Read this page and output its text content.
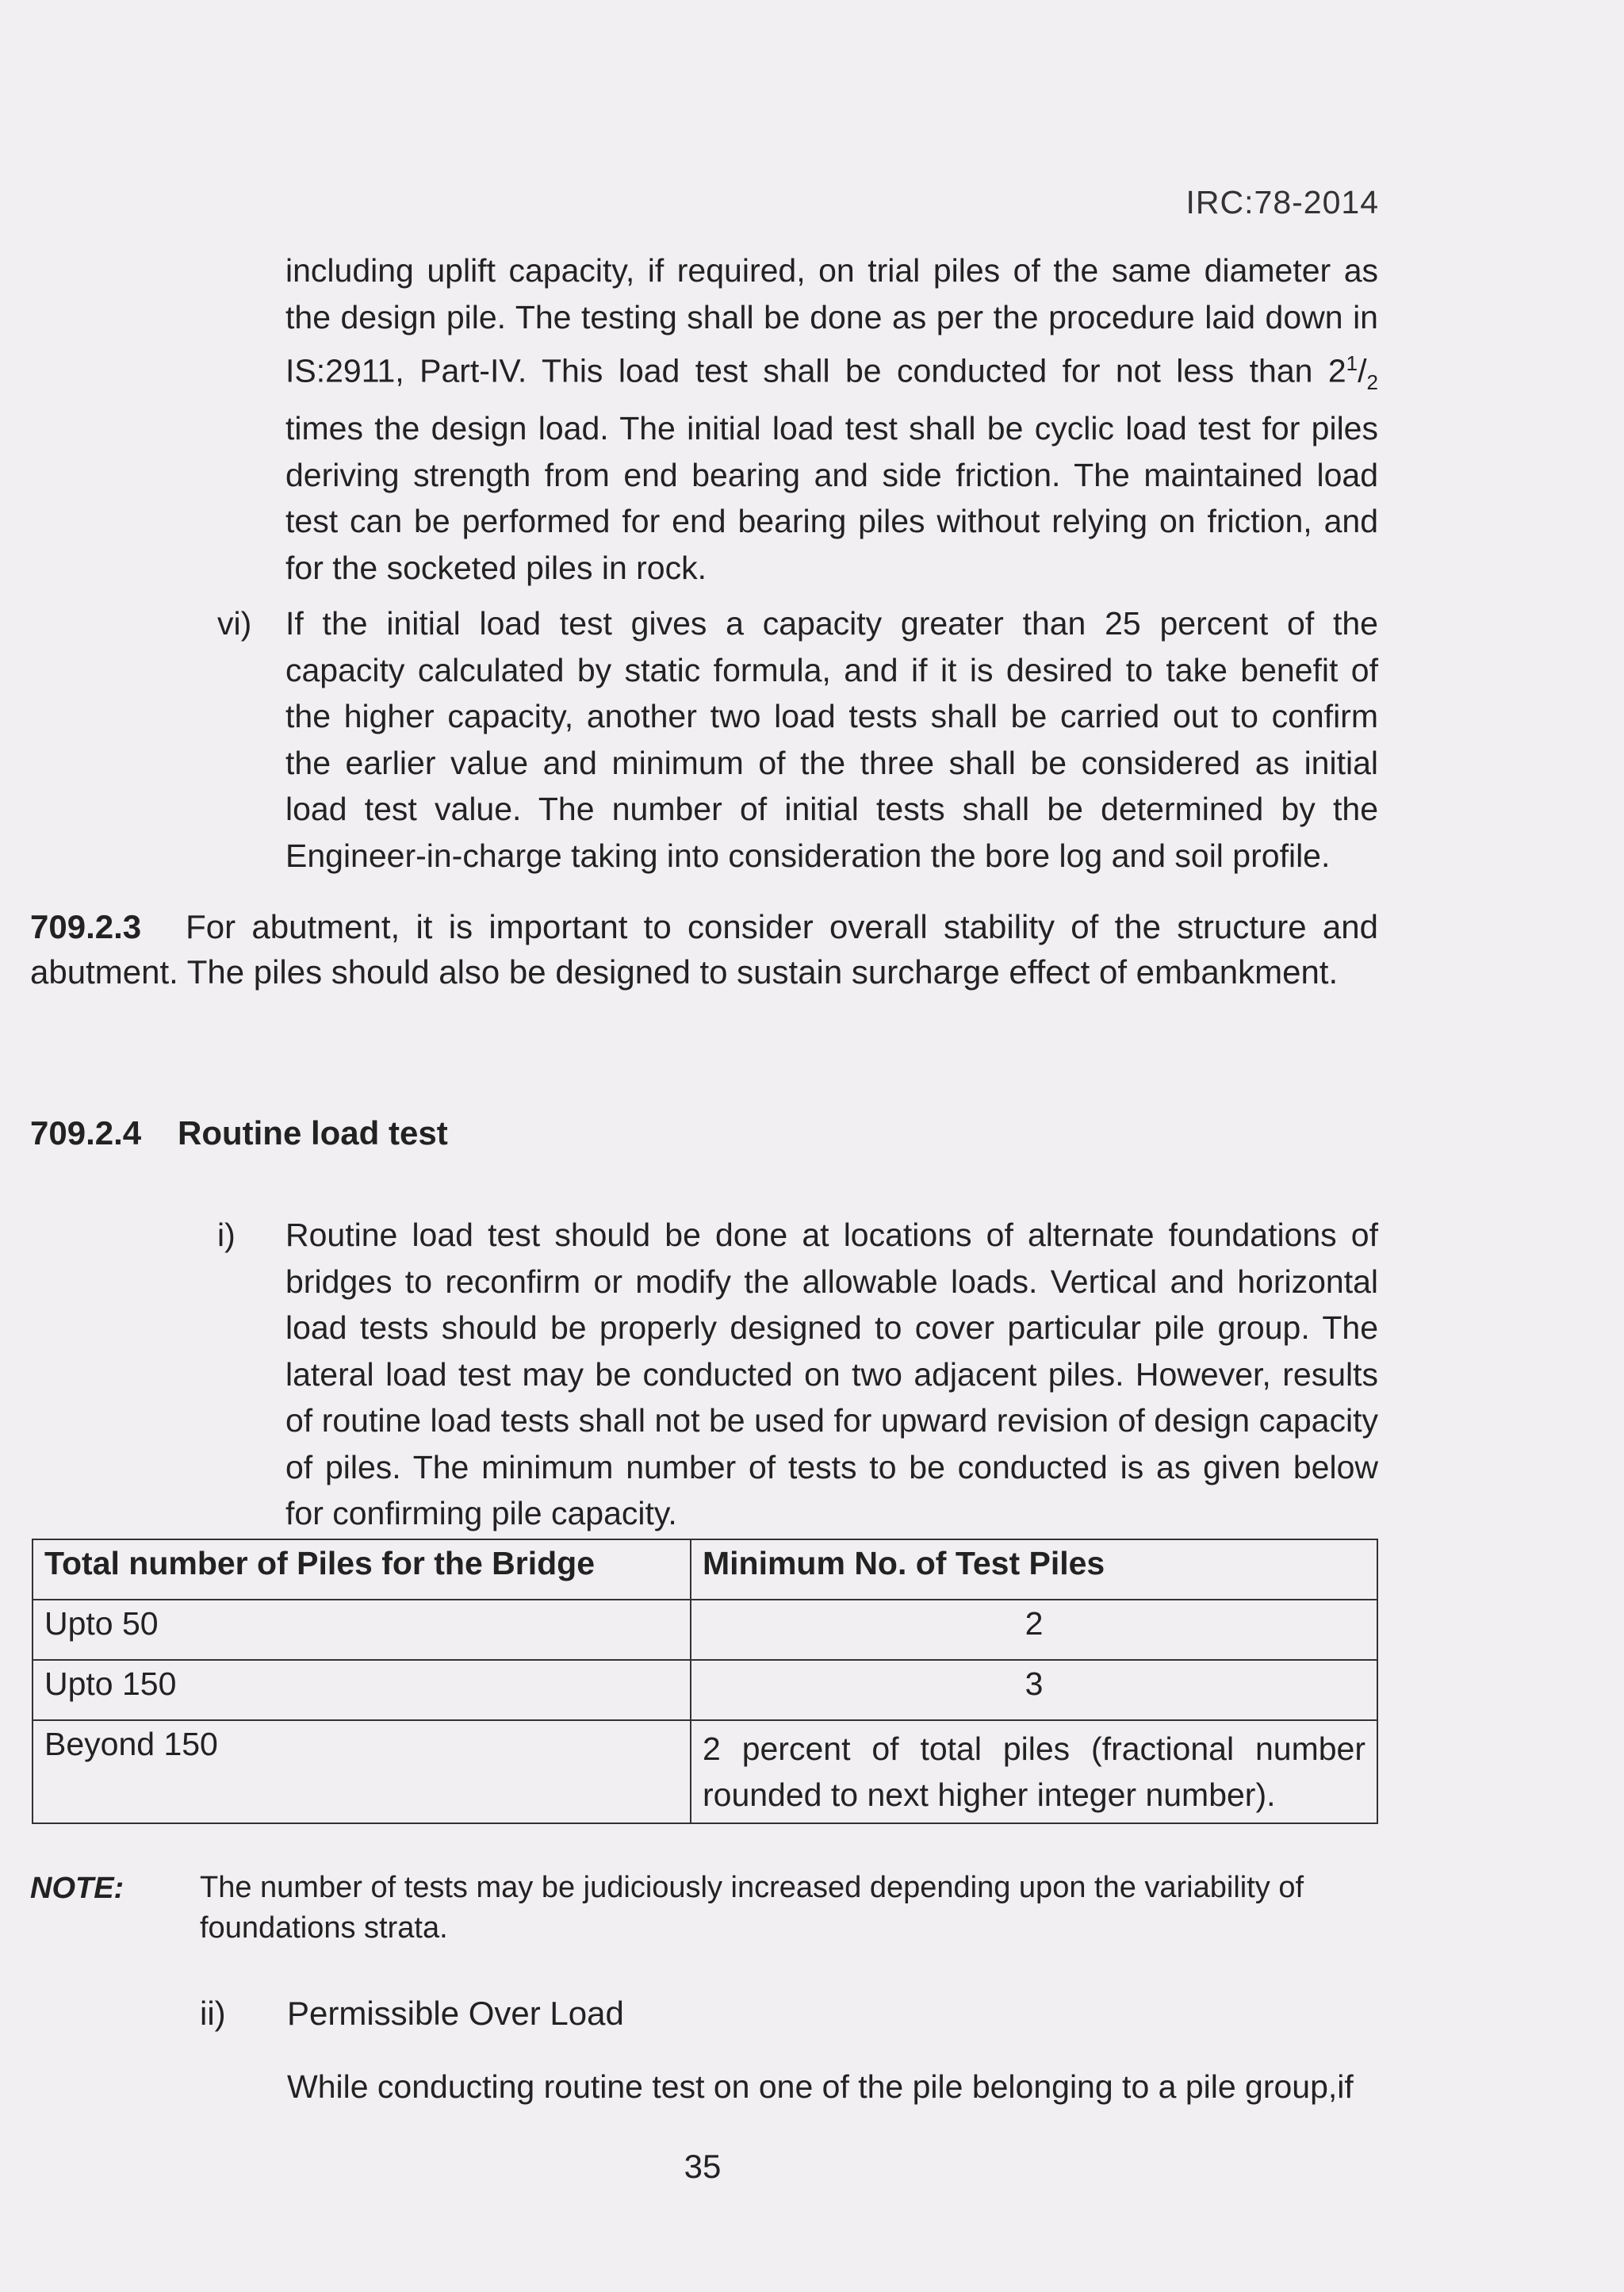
IRC:78-2014
including uplift capacity, if required, on trial piles of the same diameter as the design pile. The testing shall be done as per the procedure laid down in IS:2911, Part-IV. This load test shall be conducted for not less than $2^1/_2$ times the design load. The initial load test shall be cyclic load test for piles deriving strength from end bearing and side friction. The maintained load test can be performed for end bearing piles without relying on friction, and for the socketed piles in rock.
vi) If the initial load test gives a capacity greater than 25 percent of the capacity calculated by static formula, and if it is desired to take benefit of the higher capacity, another two load tests shall be carried out to confirm the earlier value and minimum of the three shall be considered as initial load test value. The number of initial tests shall be determined by the Engineer-in-charge taking into consideration the bore log and soil profile.
709.2.3 For abutment, it is important to consider overall stability of the structure and abutment. The piles should also be designed to sustain surcharge effect of embankment.
709.2.4 Routine load test
i) Routine load test should be done at locations of alternate foundations of bridges to reconfirm or modify the allowable loads. Vertical and horizontal load tests should be properly designed to cover particular pile group. The lateral load test may be conducted on two adjacent piles. However, results of routine load tests shall not be used for upward revision of design capacity of piles. The minimum number of tests to be conducted is as given below for confirming pile capacity.
Total number of Piles for the Bridge	Minimum No. of Test Piles
Upto 50	2
Upto 150	3
Beyond 150	2 percent of total piles (fractional number rounded to next higher integer number).
NOTE:	The number of tests may be judiciously increased depending upon the variability of foundations strata.
ii) Permissible Over Load
While conducting routine test on one of the pile belonging to a pile group,if
35
